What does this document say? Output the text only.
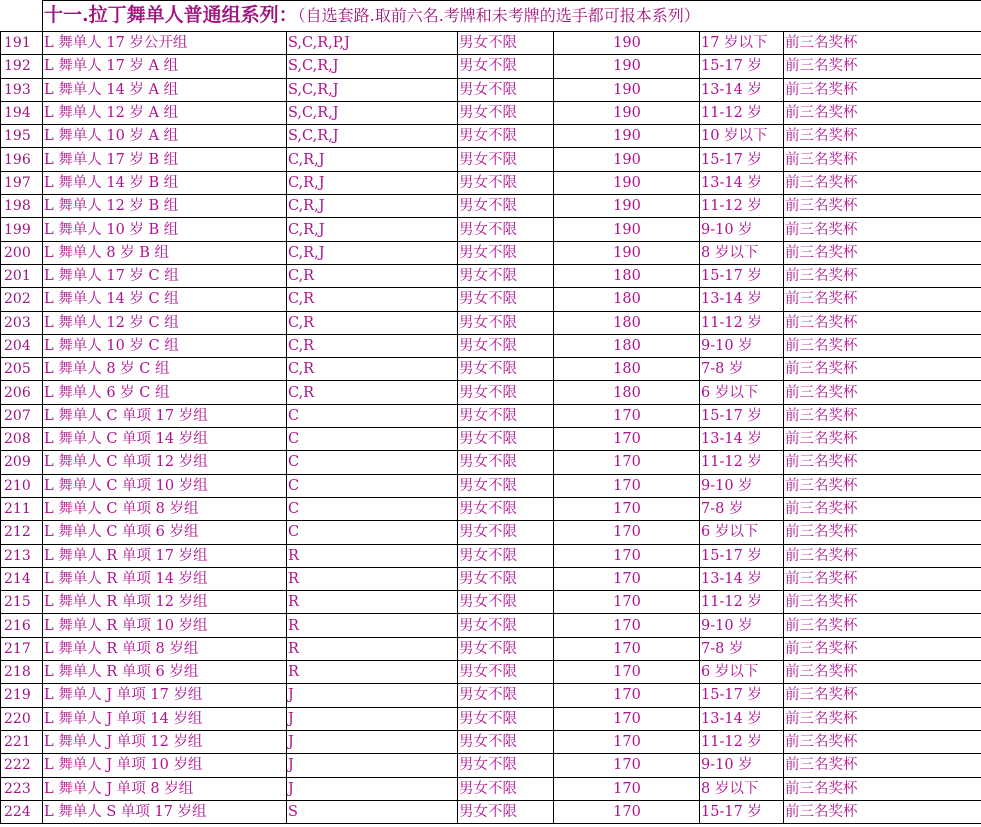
	十一.拉丁舞单人普通组系列：（自选套路.取前六名.考牌和未考牌的选手都可报本系列）					
191	L 舞单人 17 岁公开组	S,C,R,P,J	男女不限	190	17 岁以下	前三名奖杯
192	L 舞单人 17 岁 A 组	S,C,R,J	男女不限	190	15-17 岁	前三名奖杯
193	L 舞单人 14 岁 A 组	S,C,R,J	男女不限	190	13-14 岁	前三名奖杯
194	L 舞单人 12 岁 A 组	S,C,R,J	男女不限	190	11-12 岁	前三名奖杯
195	L 舞单人 10 岁 A 组	S,C,R,J	男女不限	190	10 岁以下	前三名奖杯
196	L 舞单人 17 岁 B 组	C,R,J	男女不限	190	15-17 岁	前三名奖杯
197	L 舞单人 14 岁 B 组	C,R,J	男女不限	190	13-14 岁	前三名奖杯
198	L 舞单人 12 岁 B 组	C,R,J	男女不限	190	11-12 岁	前三名奖杯
199	L 舞单人 10 岁 B 组	C,R,J	男女不限	190	9-10 岁	前三名奖杯
200	L 舞单人 8 岁 B 组	C,R,J	男女不限	190	8 岁以下	前三名奖杯
201	L 舞单人 17 岁 C 组	C,R	男女不限	180	15-17 岁	前三名奖杯
202	L 舞单人 14 岁 C 组	C,R	男女不限	180	13-14 岁	前三名奖杯
203	L 舞单人 12 岁 C 组	C,R	男女不限	180	11-12 岁	前三名奖杯
204	L 舞单人 10 岁 C 组	C,R	男女不限	180	9-10 岁	前三名奖杯
205	L 舞单人 8 岁 C 组	C,R	男女不限	180	7-8 岁	前三名奖杯
206	L 舞单人 6 岁 C 组	C,R	男女不限	180	6 岁以下	前三名奖杯
207	L 舞单人 C 单项 17 岁组	C	男女不限	170	15-17 岁	前三名奖杯
208	L 舞单人 C 单项 14 岁组	C	男女不限	170	13-14 岁	前三名奖杯
209	L 舞单人 C 单项 12 岁组	C	男女不限	170	11-12 岁	前三名奖杯
210	L 舞单人 C 单项 10 岁组	C	男女不限	170	9-10 岁	前三名奖杯
211	L 舞单人 C 单项 8 岁组	C	男女不限	170	7-8 岁	前三名奖杯
212	L 舞单人 C 单项 6 岁组	C	男女不限	170	6 岁以下	前三名奖杯
213	L 舞单人 R 单项 17 岁组	R	男女不限	170	15-17 岁	前三名奖杯
214	L 舞单人 R 单项 14 岁组	R	男女不限	170	13-14 岁	前三名奖杯
215	L 舞单人 R 单项 12 岁组	R	男女不限	170	11-12 岁	前三名奖杯
216	L 舞单人 R 单项 10 岁组	R	男女不限	170	9-10 岁	前三名奖杯
217	L 舞单人 R 单项 8 岁组	R	男女不限	170	7-8 岁	前三名奖杯
218	L 舞单人 R 单项 6 岁组	R	男女不限	170	6 岁以下	前三名奖杯
219	L 舞单人 J 单项 17 岁组	J	男女不限	170	15-17 岁	前三名奖杯
220	L 舞单人 J 单项 14 岁组	J	男女不限	170	13-14 岁	前三名奖杯
221	L 舞单人 J 单项 12 岁组	J	男女不限	170	11-12 岁	前三名奖杯
222	L 舞单人 J 单项 10 岁组	J	男女不限	170	9-10 岁	前三名奖杯
223	L 舞单人 J 单项 8 岁组	J	男女不限	170	8 岁以下	前三名奖杯
224	L 舞单人 S 单项 17 岁组	S	男女不限	170	15-17 岁	前三名奖杯
